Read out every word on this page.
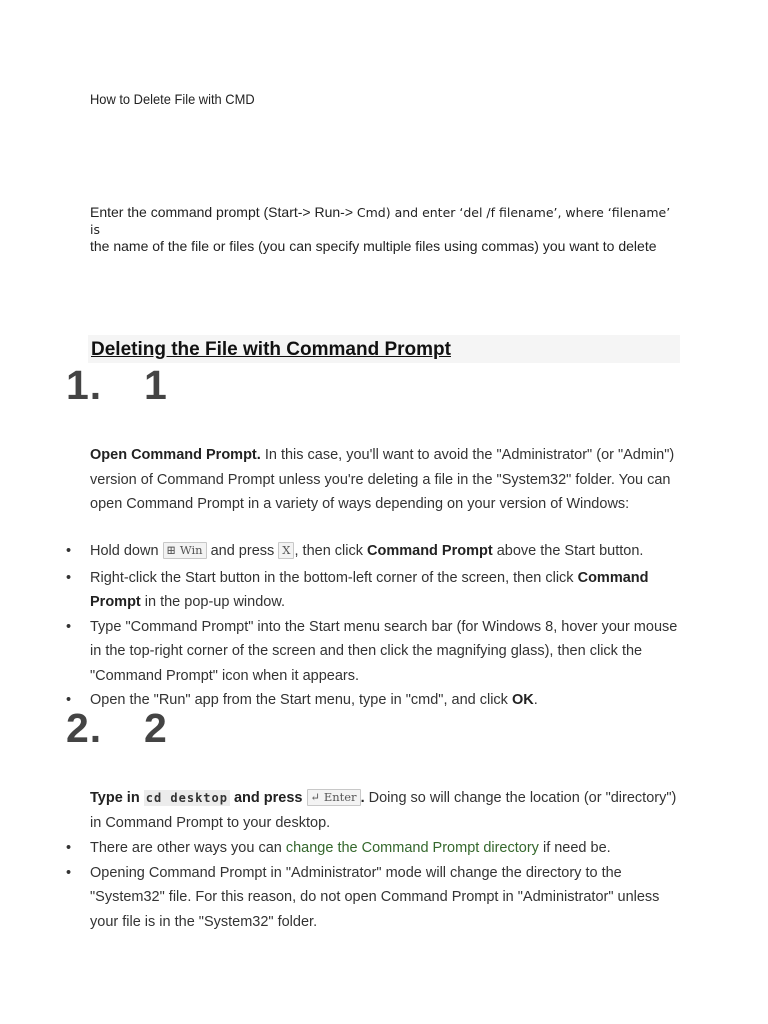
How to Delete File with CMD
Enter the command prompt (Start-> Run-> Cmd) and enter ‘del /f filename’, where ‘filename’ is
the name of the file or files (you can specify multiple files using commas) you want to delete
Deleting the File with Command Prompt
1. 1
Open Command Prompt. In this case, you'll want to avoid the "Administrator" (or "Admin") version of Command Prompt unless you're deleting a file in the "System32" folder. You can open Command Prompt in a variety of ways depending on your version of Windows:
• Hold down ⊞ Win and press X , then click Command Prompt above the Start button.
• Right-click the Start button in the bottom-left corner of the screen, then click Command Prompt in the pop-up window.
• Type "Command Prompt" into the Start menu search bar (for Windows 8, hover your mouse in the top-right corner of the screen and then click the magnifying glass), then click the "Command Prompt" icon when it appears.
• Open the "Run" app from the Start menu, type in "cmd", and click OK.
2. 2
Type in cd desktop and press ↵ Enter . Doing so will change the location (or "directory") in Command Prompt to your desktop.
• There are other ways you can change the Command Prompt directory if need be.
• Opening Command Prompt in "Administrator" mode will change the directory to the "System32" file. For this reason, do not open Command Prompt in "Administrator" unless your file is in the "System32" folder.
